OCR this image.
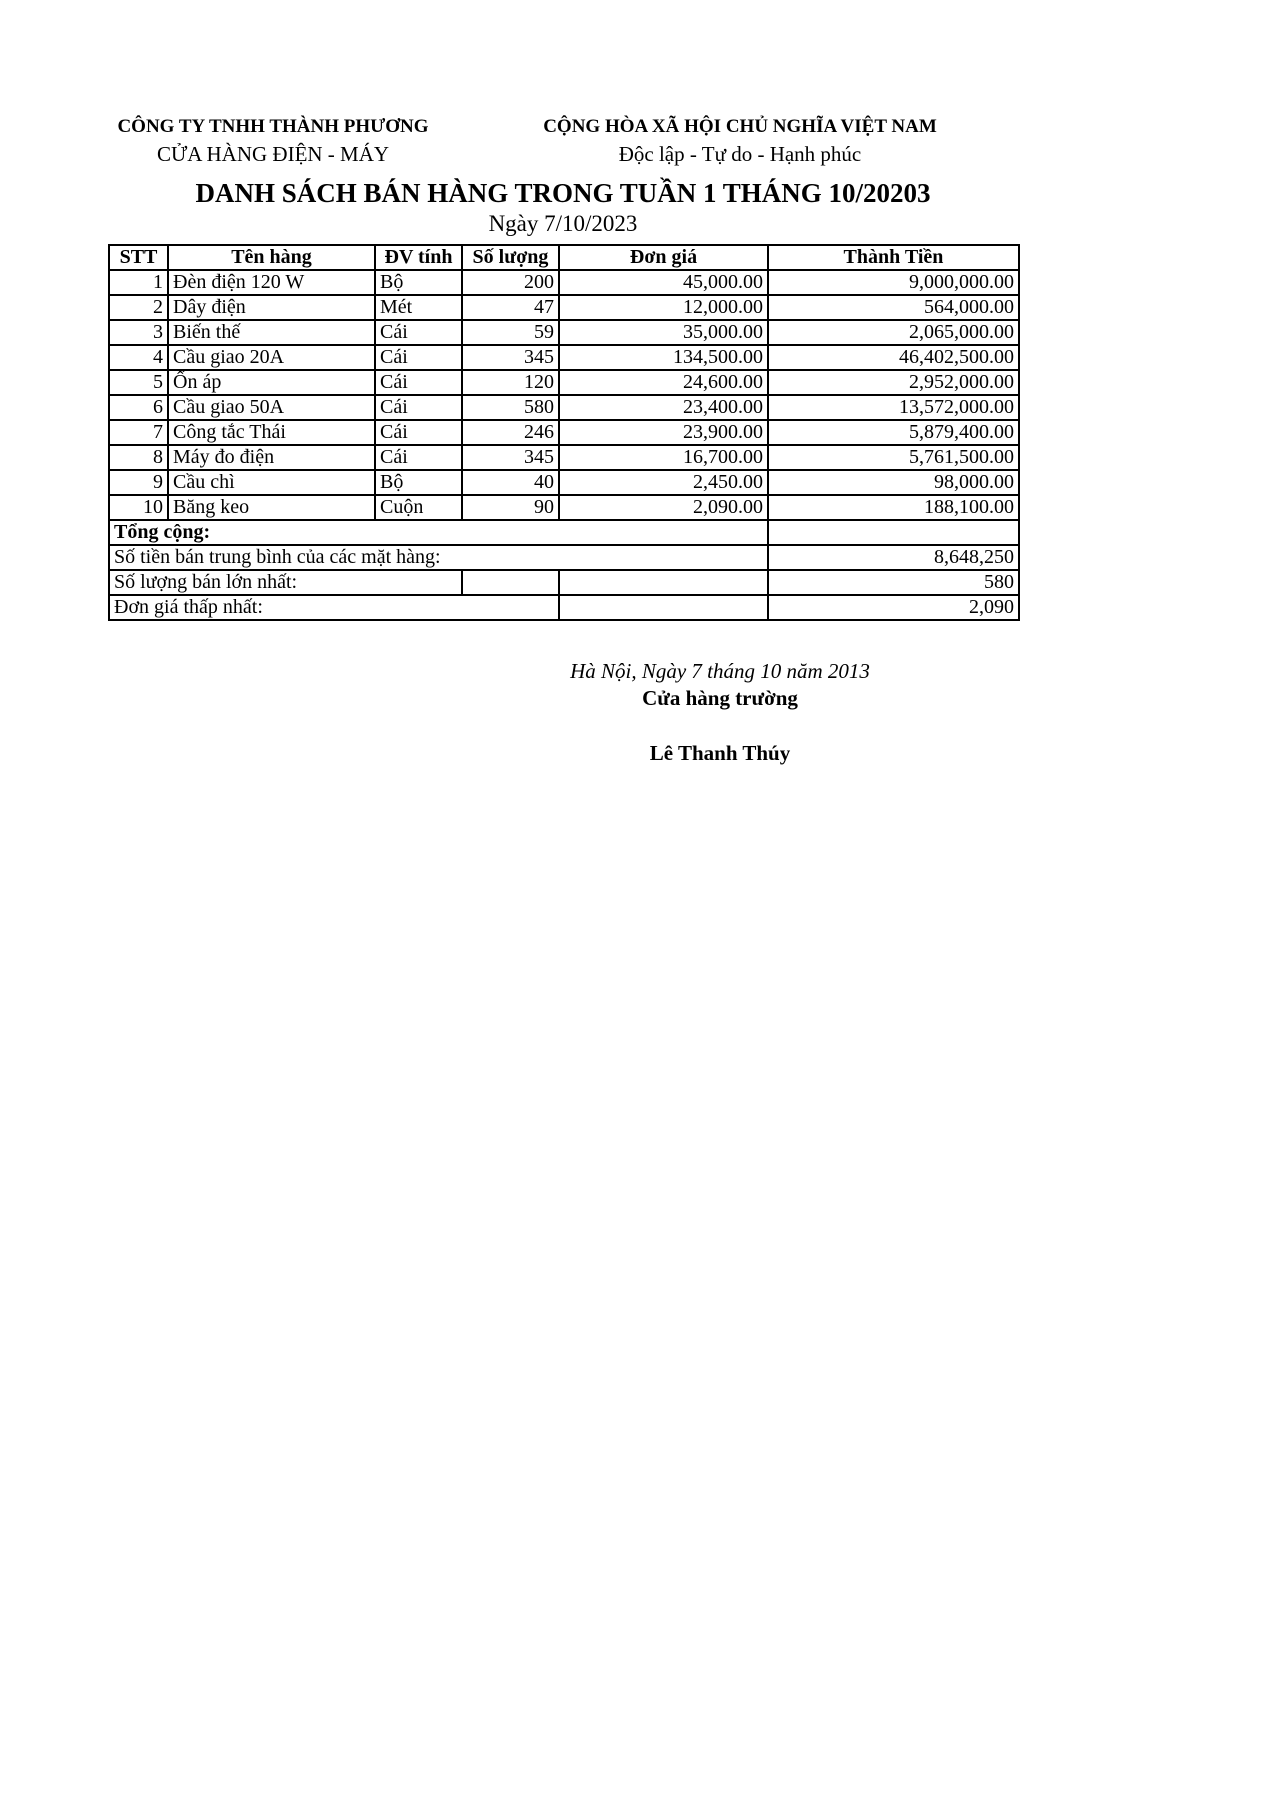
CÔNG TY TNHH THÀNH PHƯƠNG
CỬA HÀNG ĐIỆN - MÁY
CỘNG HÒA XÃ HỘI CHỦ NGHĨA VIỆT NAM
Độc lập - Tự do - Hạnh phúc
DANH SÁCH BÁN HÀNG TRONG TUẦN 1 THÁNG 10/20203
Ngày 7/10/2023
STT	Tên hàng	ĐV tính	Số lượng	Đơn giá	Thành Tiền
1	Đèn điện 120 W	Bộ	200	45,000.00	9,000,000.00
2	Dây điện	Mét	47	12,000.00	564,000.00
3	Biến thế	Cái	59	35,000.00	2,065,000.00
4	Cầu giao 20A	Cái	345	134,500.00	46,402,500.00
5	Ổn áp	Cái	120	24,600.00	2,952,000.00
6	Cầu giao 50A	Cái	580	23,400.00	13,572,000.00
7	Công tắc Thái	Cái	246	23,900.00	5,879,400.00
8	Máy đo điện	Cái	345	16,700.00	5,761,500.00
9	Cầu chì	Bộ	40	2,450.00	98,000.00
10	Băng keo	Cuộn	90	2,090.00	188,100.00
Tổng cộng:					
Số tiền bán trung bình của các mặt hàng:					8,648,250
Số lượng bán lớn nhất:					580
Đơn giá thấp nhất:					2,090
Hà Nội, Ngày 7 tháng 10 năm 2013
Cửa hàng trường
Lê Thanh Thúy
